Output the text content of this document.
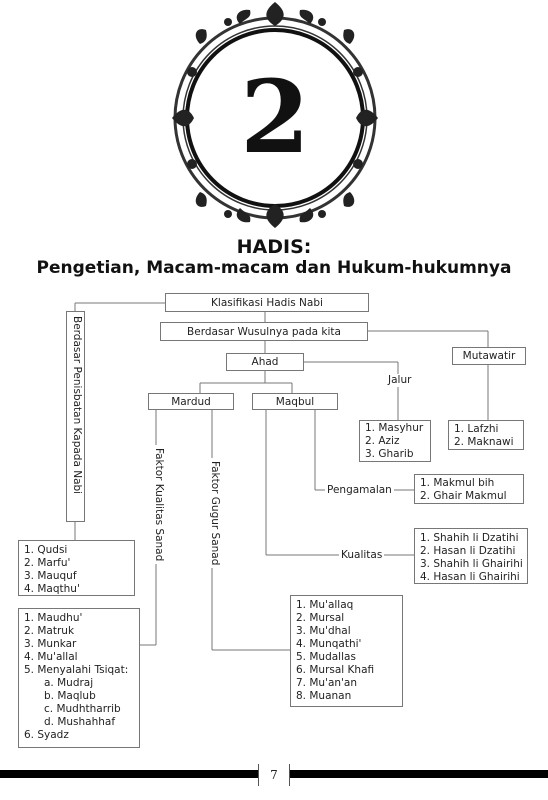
2
HADIS:
Pengetian, Macam-macam dan Hukum-hukumnya
Klasifikasi Hadis Nabi
Berdasar Wusulnya pada kita
Berdasar Penisbatan Kapada Nabi
1. Qudsi
2. Marfu'
3. Mauquf
4. Maqthu'
Ahad	Mutawatir
1. Lafzhi
2. Maknawi
Jalur
1. Masyhur
2. Aziz
3. Gharib
Mardud	Maqbul
Faktor Kualitas Sanad	Faktor Gugur Sanad
1. Maudhu'
2. Matruk
3. Munkar
4. Mu'allal
5. Menyalahi Tsiqat:
a. Mudraj
b. Maqlub
c. Mudhtharrib
d. Mushahhaf
6. Syadz
1. Mu'allaq
2. Mursal
3. Mu'dhal
4. Munqathi'
5. Mudallas
6. Mursal Khafi
7. Mu'an'an
8. Muanan
Pengamalan
1. Makmul bih
2. Ghair Makmul
Kualitas
1. Shahih li Dzatihi
2. Hasan li Dzatihi
3. Shahih li Ghairihi
4. Hasan li Ghairihi
7
